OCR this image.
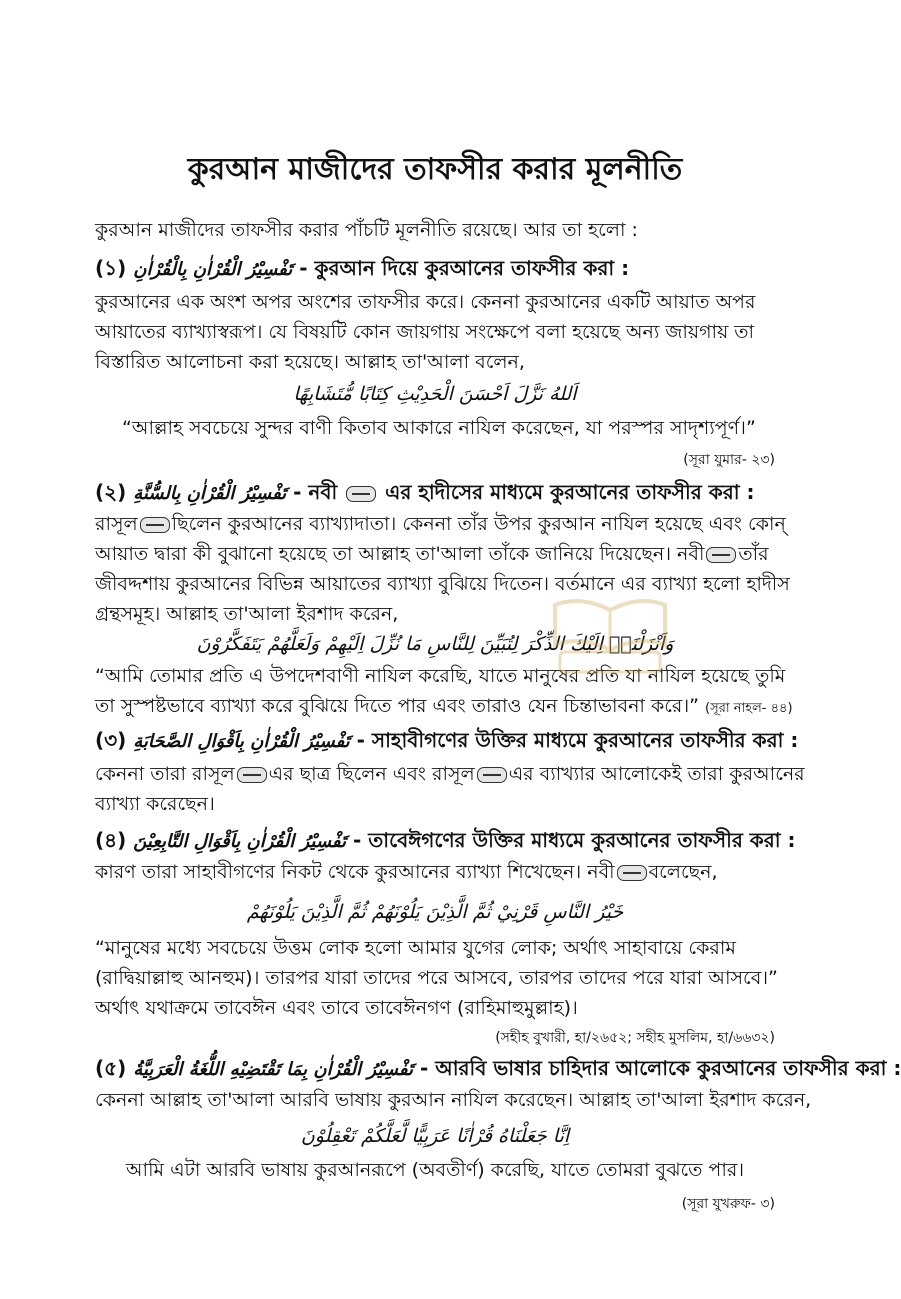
কুরআন মাজীদের তাফসীর করার মূলনীতি
কুরআন মাজীদের তাফসীর করার পাঁচটি মূলনীতি রয়েছে। আর তা হলো :
(১) تَفْسِيْرُ الْقُرْاٰنِ بِالْقُرْاٰنِ - কুরআন দিয়ে কুরআনের তাফসীর করা :
কুরআনের এক অংশ অপর অংশের তাফসীর করে। কেননা কুরআনের একটি আয়াত অপর
আয়াতের ব্যাখ্যাস্বরূপ। যে বিষয়টি কোন জায়গায় সংক্ষেপে বলা হয়েছে অন্য জায়গায় তা
বিস্তারিত আলোচনা করা হয়েছে। আল্লাহ তা'আলা বলেন,
اَللهُ نَزَّلَ اَحْسَنَ الْحَدِيْثِ كِتَابًا مُّتَشَابِهًا
“আল্লাহ সবচেয়ে সুন্দর বাণী কিতাব আকারে নাযিল করেছেন, যা পরস্পর সাদৃশ্যপূর্ণ।”
(সূরা যুমার- ২৩)
(২) تَفْسِيْرُ الْقُرْاٰنِ بِالسُّنَّةِ - নবী এর হাদীসের মাধ্যমে কুরআনের তাফসীর করা :
রাসূল ছিলেন কুরআনের ব্যাখ্যাদাতা। কেননা তাঁর উপর কুরআন নাযিল হয়েছে এবং কোন্
আয়াত দ্বারা কী বুঝানো হয়েছে তা আল্লাহ তা'আলা তাঁকে জানিয়ে দিয়েছেন। নবী তাঁর
জীবদ্দশায় কুরআনের বিভিন্ন আয়াতের ব্যাখ্যা বুঝিয়ে দিতেন। বর্তমানে এর ব্যাখ্যা হলো হাদীস
গ্রন্থসমূহ। আল্লাহ তা'আলা ইরশাদ করেন,
وَاَنْزَلْنَاۤ اِلَيْكَ الذِّكْرَ لِتُبَيِّنَ لِلنَّاسِ مَا نُزِّلَ اِلَيْهِمْ وَلَعَلَّهُمْ يَتَفَكَّرُوْنَ
“আমি তোমার প্রতি এ উপদেশবাণী নাযিল করেছি, যাতে মানুষের প্রতি যা নাযিল হয়েছে তুমি
তা সুস্পষ্টভাবে ব্যাখ্যা করে বুঝিয়ে দিতে পার এবং তারাও যেন চিন্তাভাবনা করে।” (সূরা নাহল- ৪৪)
(৩) تَفْسِيْرُ الْقُرْاٰنِ بِاَقْوَالِ الصَّحَابَةِ - সাহাবীগণের উক্তির মাধ্যমে কুরআনের তাফসীর করা :
কেননা তারা রাসূল এর ছাত্র ছিলেন এবং রাসূল এর ব্যাখ্যার আলোকেই তারা কুরআনের
ব্যাখ্যা করেছেন।
(৪) تَفْسِيْرُ الْقُرْاٰنِ بِاَقْوَالِ التَّابِعِيْنَ - তাবেঈগণের উক্তির মাধ্যমে কুরআনের তাফসীর করা :
কারণ তারা সাহাবীগণের নিকট থেকে কুরআনের ব্যাখ্যা শিখেছেন। নবী বলেছেন,
خَيْرُ النَّاسِ قَرْنِيْ ثُمَّ الَّذِيْنَ يَلُوْنَهُمْ ثُمَّ الَّذِيْنَ يَلُوْنَهُمْ
“মানুষের মধ্যে সবচেয়ে উত্তম লোক হলো আমার যুগের লোক; অর্থাৎ সাহাবায়ে কেরাম
(রাদ্বিয়াল্লাহু আনহুম)। তারপর যারা তাদের পরে আসবে, তারপর তাদের পরে যারা আসবে।”
অর্থাৎ যথাক্রমে তাবেঈন এবং তাবে তাবেঈনগণ (রাহিমাহুমুল্লাহ)।
(সহীহ বুখারী, হা/২৬৫২; সহীহ মুসলিম, হা/৬৬৩২)
(৫) تَفْسِيْرُ الْقُرْاٰنِ بِمَا تَقْتَضِيْهِ اللُّغَةُ الْعَرَبِيَّةُ - আরবি ভাষার চাহিদার আলোকে কুরআনের তাফসীর করা :
কেননা আল্লাহ তা'আলা আরবি ভাষায় কুরআন নাযিল করেছেন। আল্লাহ তা'আলা ইরশাদ করেন,
اِنَّا جَعَلْنَاهُ قُرْاٰنًا عَرَبِيًّا لَّعَلَّكُمْ تَعْقِلُوْنَ
আমি এটা আরবি ভাষায় কুরআনরূপে (অবতীর্ণ) করেছি, যাতে তোমরা বুঝতে পার।
(সূরা যুখরুফ- ৩)
